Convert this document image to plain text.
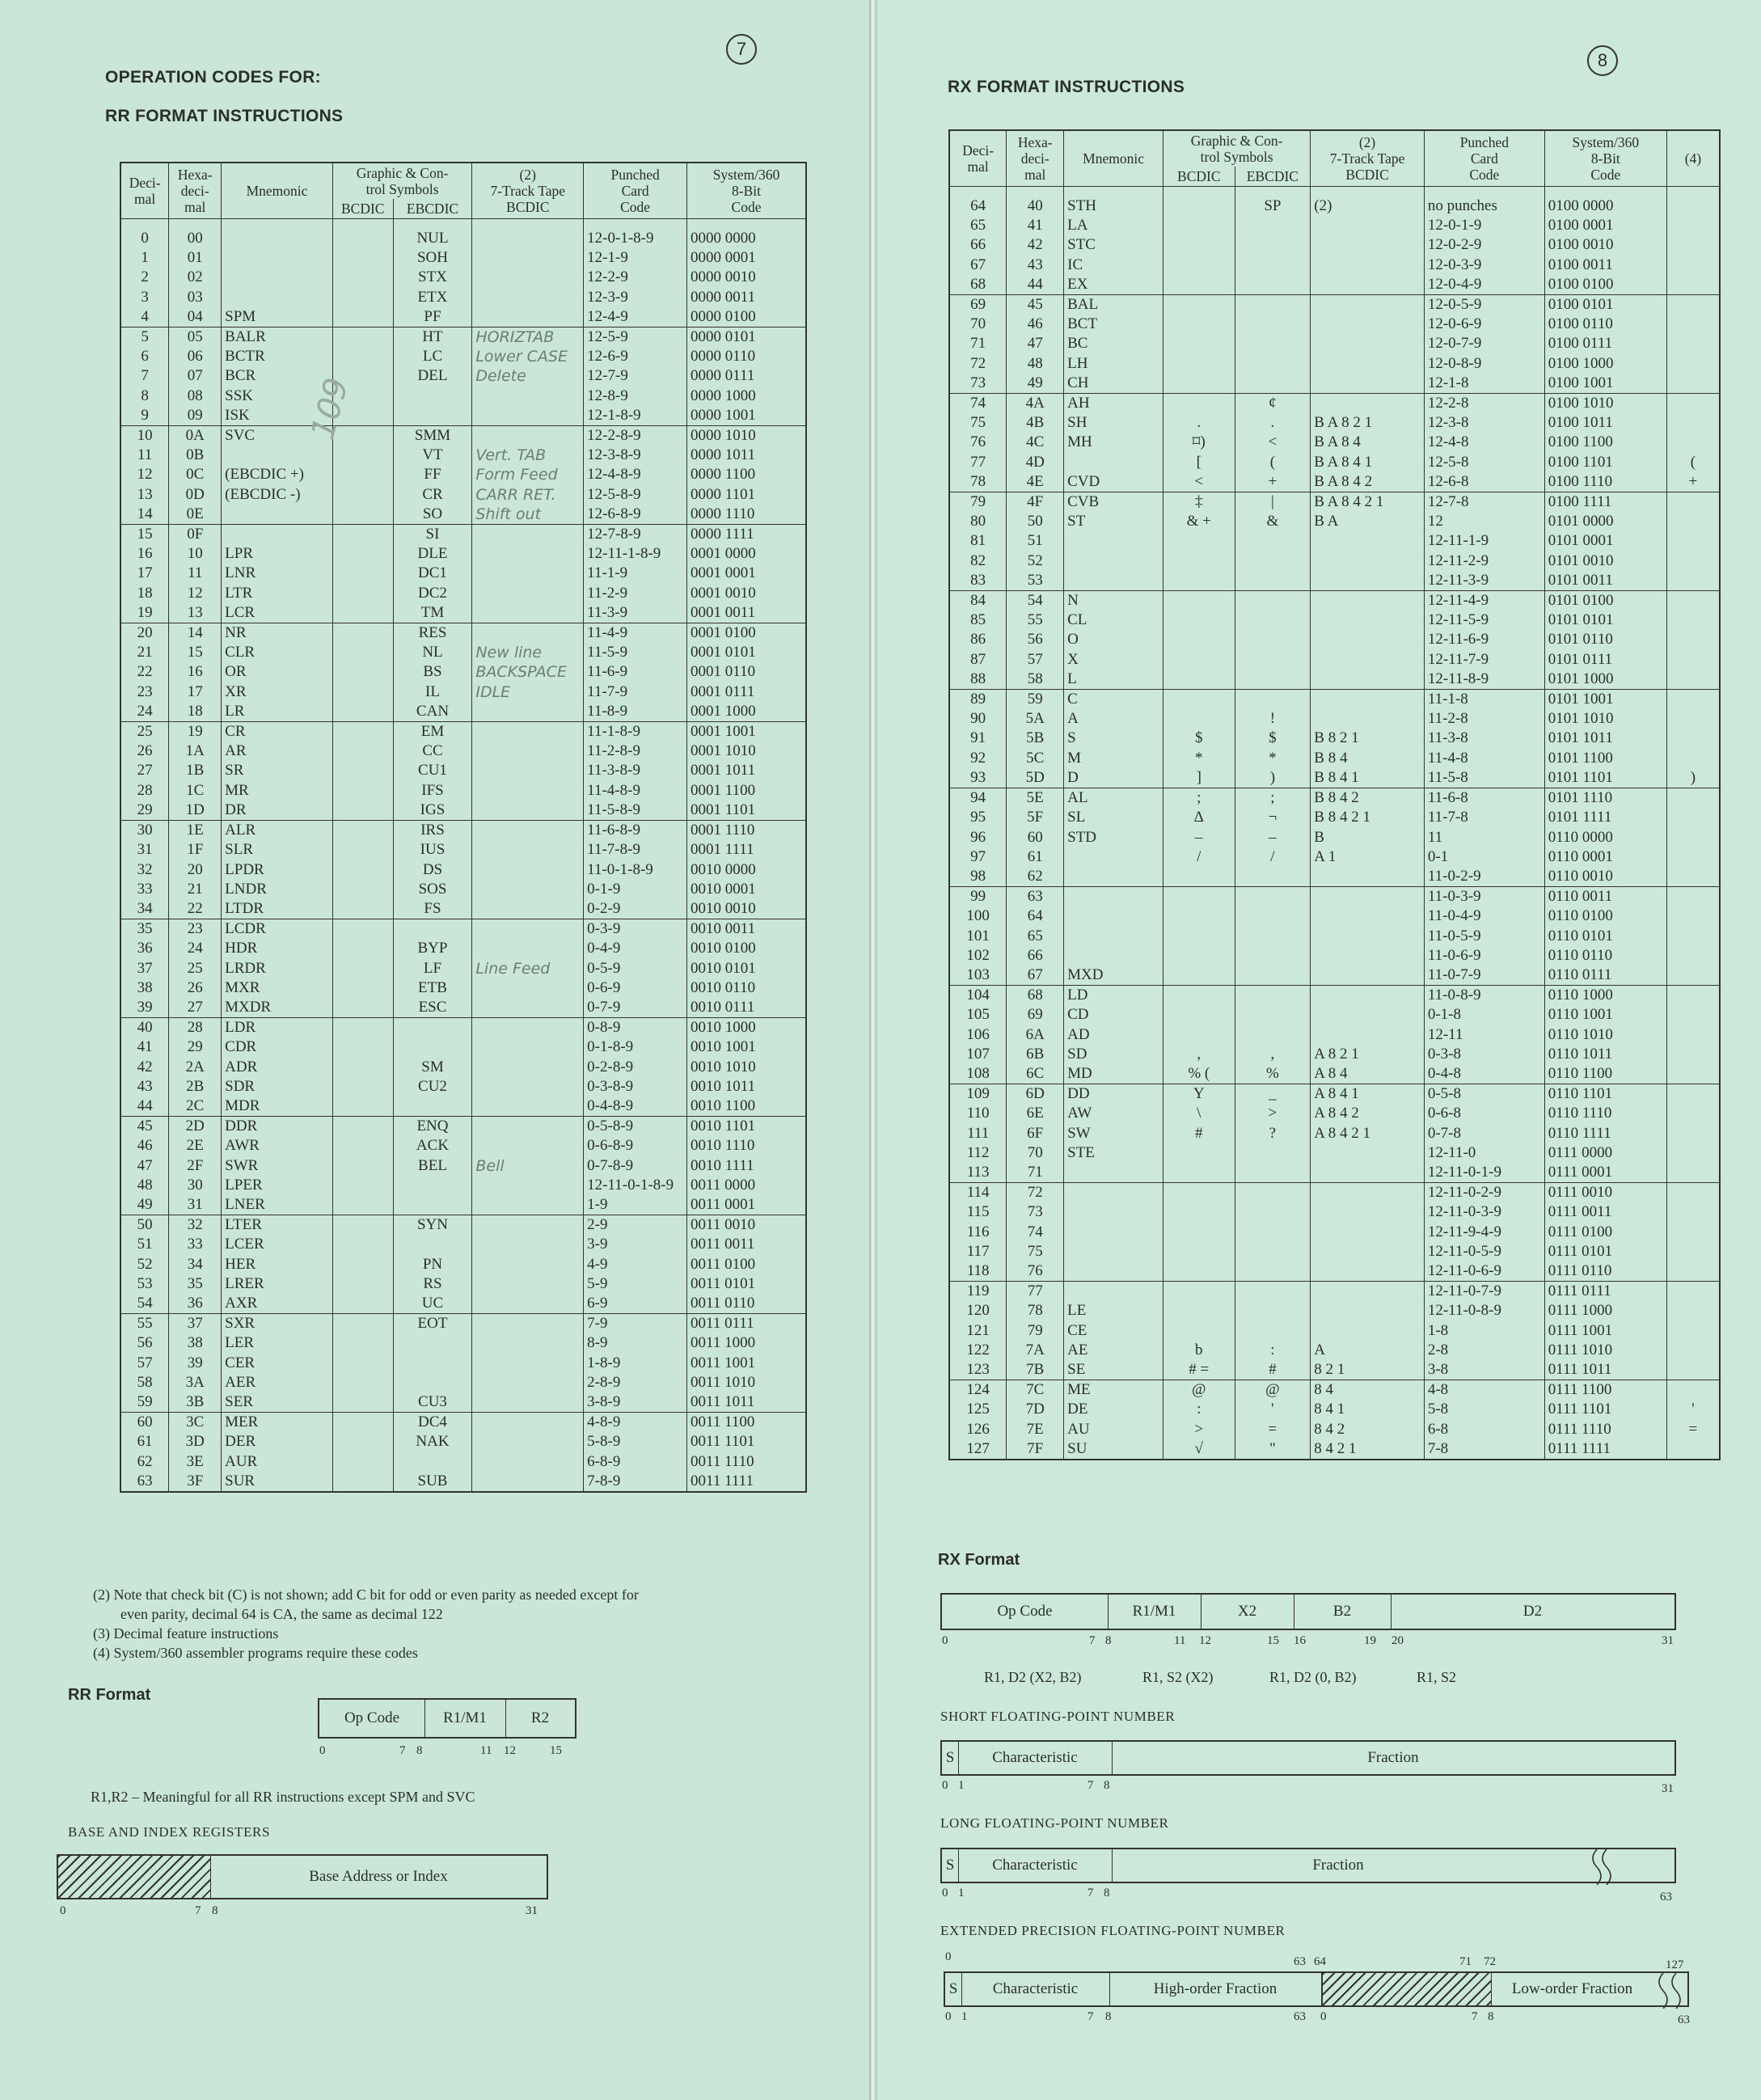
7
OPERATION CODES FOR:
RR FORMAT INSTRUCTIONS
Deci-
mal	Hexa-
deci-
mal	Mnemonic	Graphic & Con-
trol Symbols		(2)
7-Track Tape
BCDIC	Punched
Card
Code	System/360
8-Bit
Code
			BCDIC	EBCDIC			

0	00			NUL		12-0-1-8-9	0000 0000
1	01			SOH		12-1-9	0000 0001
2	02			STX		12-2-9	0000 0010
3	03			ETX		12-3-9	0000 0011
4	04	SPM		PF		12-4-9	0000 0100
5	05	BALR		HT	HORIZTAB	12-5-9	0000 0101
6	06	BCTR		LC	Lower CASE	12-6-9	0000 0110
7	07	BCR		DEL	Delete	12-7-9	0000 0111
8	08	SSK				12-8-9	0000 1000
9	09	ISK				12-1-8-9	0000 1001
10	0A	SVC		SMM		12-2-8-9	0000 1010
11	0B			VT	Vert. TAB	12-3-8-9	0000 1011
12	0C	(EBCDIC +)		FF	Form Feed	12-4-8-9	0000 1100
13	0D	(EBCDIC -)		CR	CARR RET.	12-5-8-9	0000 1101
14	0E			SO	Shift out	12-6-8-9	0000 1110
15	0F			SI		12-7-8-9	0000 1111
16	10	LPR		DLE		12-11-1-8-9	0001 0000
17	11	LNR		DC1		11-1-9	0001 0001
18	12	LTR		DC2		11-2-9	0001 0010
19	13	LCR		TM		11-3-9	0001 0011
20	14	NR		RES		11-4-9	0001 0100
21	15	CLR		NL	New line	11-5-9	0001 0101
22	16	OR		BS	BACKSPACE	11-6-9	0001 0110
23	17	XR		IL	IDLE	11-7-9	0001 0111
24	18	LR		CAN		11-8-9	0001 1000
25	19	CR		EM		11-1-8-9	0001 1001
26	1A	AR		CC		11-2-8-9	0001 1010
27	1B	SR		CU1		11-3-8-9	0001 1011
28	1C	MR		IFS		11-4-8-9	0001 1100
29	1D	DR		IGS		11-5-8-9	0001 1101
30	1E	ALR		IRS		11-6-8-9	0001 1110
31	1F	SLR		IUS		11-7-8-9	0001 1111
32	20	LPDR		DS		11-0-1-8-9	0010 0000
33	21	LNDR		SOS		0-1-9	0010 0001
34	22	LTDR		FS		0-2-9	0010 0010
35	23	LCDR				0-3-9	0010 0011
36	24	HDR		BYP		0-4-9	0010 0100
37	25	LRDR		LF	Line Feed	0-5-9	0010 0101
38	26	MXR		ETB		0-6-9	0010 0110
39	27	MXDR		ESC		0-7-9	0010 0111
40	28	LDR				0-8-9	0010 1000
41	29	CDR				0-1-8-9	0010 1001
42	2A	ADR		SM		0-2-8-9	0010 1010
43	2B	SDR		CU2		0-3-8-9	0010 1011
44	2C	MDR				0-4-8-9	0010 1100
45	2D	DDR		ENQ		0-5-8-9	0010 1101
46	2E	AWR		ACK		0-6-8-9	0010 1110
47	2F	SWR		BEL	Bell	0-7-8-9	0010 1111
48	30	LPER				12-11-0-1-8-9	0011 0000
49	31	LNER				1-9	0011 0001
50	32	LTER		SYN		2-9	0011 0010
51	33	LCER				3-9	0011 0011
52	34	HER		PN		4-9	0011 0100
53	35	LRER		RS		5-9	0011 0101
54	36	AXR		UC		6-9	0011 0110
55	37	SXR		EOT		7-9	0011 0111
56	38	LER				8-9	0011 1000
57	39	CER				1-8-9	0011 1001
58	3A	AER				2-8-9	0011 1010
59	3B	SER		CU3		3-8-9	0011 1011
60	3C	MER		DC4		4-8-9	0011 1100
61	3D	DER		NAK		5-8-9	0011 1101
62	3E	AUR				6-8-9	0011 1110
63	3F	SUR		SUB		7-8-9	0011 1111
(2) Note that check bit (C) is not shown; add C bit for odd or even parity as needed except for
even parity, decimal 64 is CA, the same as decimal 122
(3) Decimal feature instructions
(4) System/360 assembler programs require these codes
RR Format
Op Code	R1/M1	R2
0	7 8	11 12	15
R1,R2 – Meaningful for all RR instructions except SPM and SVC
BASE AND INDEX REGISTERS
Base Address or Index
0	7 8	31
109
8
RX FORMAT INSTRUCTIONS
Deci-
mal	Hexa-
deci-
mal	Mnemonic	Graphic & Con-
trol Symbols		(2)
7-Track Tape
BCDIC	Punched
Card
Code	System/360
8-Bit
Code	(4)
			BCDIC	EBCDIC				

64	40	STH		SP	(2)	no punches	0100 0000	
65	41	LA				12-0-1-9	0100 0001	
66	42	STC				12-0-2-9	0100 0010	
67	43	IC				12-0-3-9	0100 0011	
68	44	EX				12-0-4-9	0100 0100	
69	45	BAL				12-0-5-9	0100 0101	
70	46	BCT				12-0-6-9	0100 0110	
71	47	BC				12-0-7-9	0100 0111	
72	48	LH				12-0-8-9	0100 1000	
73	49	CH				12-1-8	0100 1001	
74	4A	AH		¢		12-2-8	0100 1010	
75	4B	SH	.	.	B A 8 2 1	12-3-8	0100 1011	
76	4C	MH	⌑)	<	B A 8 4	12-4-8	0100 1100	
77	4D		[	(	B A 8 4 1	12-5-8	0100 1101	(
78	4E	CVD	<	+	B A 8 4 2	12-6-8	0100 1110	+
79	4F	CVB	‡	|	B A 8 4 2 1	12-7-8	0100 1111	
80	50	ST	& +	&	B A	12	0101 0000	
81	51					12-11-1-9	0101 0001	
82	52					12-11-2-9	0101 0010	
83	53					12-11-3-9	0101 0011	
84	54	N				12-11-4-9	0101 0100	
85	55	CL				12-11-5-9	0101 0101	
86	56	O				12-11-6-9	0101 0110	
87	57	X				12-11-7-9	0101 0111	
88	58	L				12-11-8-9	0101 1000	
89	59	C				11-1-8	0101 1001	
90	5A	A		!		11-2-8	0101 1010	
91	5B	S	$	$	B 8 2 1	11-3-8	0101 1011	
92	5C	M	*	*	B 8 4	11-4-8	0101 1100	
93	5D	D	]	)	B 8 4 1	11-5-8	0101 1101	)
94	5E	AL	;	;	B 8 4 2	11-6-8	0101 1110	
95	5F	SL	Δ	¬	B 8 4 2 1	11-7-8	0101 1111	
96	60	STD	–	–	B	11	0110 0000	
97	61		/	/	A 1	0-1	0110 0001	
98	62					11-0-2-9	0110 0010	
99	63					11-0-3-9	0110 0011	
100	64					11-0-4-9	0110 0100	
101	65					11-0-5-9	0110 0101	
102	66					11-0-6-9	0110 0110	
103	67	MXD				11-0-7-9	0110 0111	
104	68	LD				11-0-8-9	0110 1000	
105	69	CD				0-1-8	0110 1001	
106	6A	AD				12-11	0110 1010	
107	6B	SD	,	,	A 8 2 1	0-3-8	0110 1011	
108	6C	MD	% (	%	A 8 4	0-4-8	0110 1100	
109	6D	DD	Y	_	A 8 4 1	0-5-8	0110 1101	
110	6E	AW	\	>	A 8 4 2	0-6-8	0110 1110	
111	6F	SW	#	?	A 8 4 2 1	0-7-8	0110 1111	
112	70	STE				12-11-0	0111 0000	
113	71					12-11-0-1-9	0111 0001	
114	72					12-11-0-2-9	0111 0010	
115	73					12-11-0-3-9	0111 0011	
116	74					12-11-9-4-9	0111 0100	
117	75					12-11-0-5-9	0111 0101	
118	76					12-11-0-6-9	0111 0110	
119	77					12-11-0-7-9	0111 0111	
120	78	LE				12-11-0-8-9	0111 1000	
121	79	CE				1-8	0111 1001	
122	7A	AE	b	:	A	2-8	0111 1010	
123	7B	SE	# =	#	8 2 1	3-8	0111 1011	
124	7C	ME	@	@	8 4	4-8	0111 1100	
125	7D	DE	:	'	8 4 1	5-8	0111 1101	'
126	7E	AU	>	=	8 4 2	6-8	0111 1110	=
127	7F	SU	√	"	8 4 2 1	7-8	0111 1111	
RX Format
Op Code	R1/M1	X2	B2	D2
0	7 8	11 12	15 16	19 20	31
R1, D2 (X2, B2)	R1, S2 (X2)	R1, D2 (0, B2)	R1, S2
SHORT FLOATING-POINT NUMBER
S	Characteristic	Fraction
0 1	7 8	31
LONG FLOATING-POINT NUMBER
S	Characteristic	Fraction
0 1	7 8	63
EXTENDED PRECISION FLOATING-POINT NUMBER
0	63 64	71 72	127
S	Characteristic	High-order Fraction	Low-order Fraction
0 1	7 8	63 0	7 8	63
